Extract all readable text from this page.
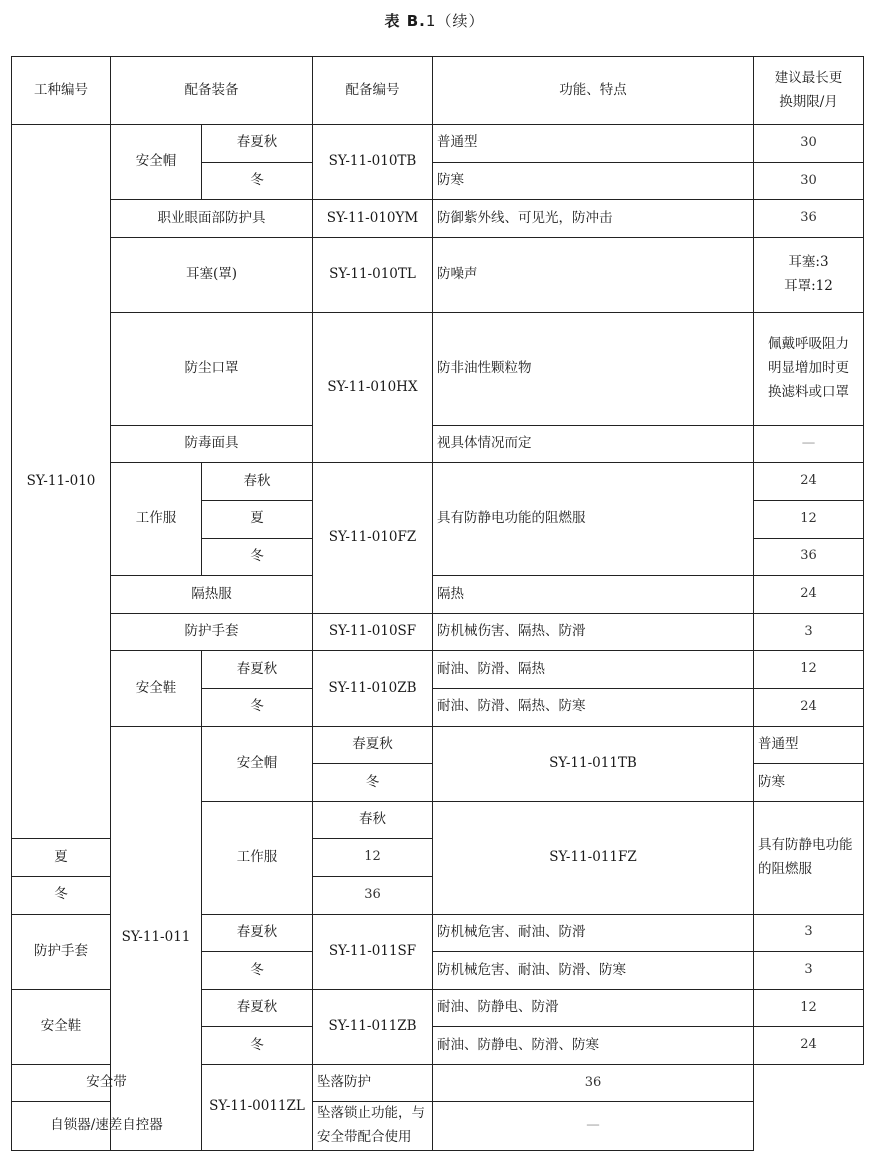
表 B.1（续）
工种编号	配备装备		配备编号	功能、特点	建议最长更
换期限/月	
SY-11-010	安全帽	春夏秋	SY-11-010TB	普通型	30	
		冬		防寒	30	
	职业眼面部防护具		SY-11-010YM	防御紫外线、可见光，防冲击	36	
	耳塞(罩)		SY-11-010TL	防噪声	耳塞:3
耳罩:12	
	防尘口罩		SY-11-010HX	防非油性颗粒物	佩戴呼吸阻力
明显增加时更
换滤料或口罩	
	防毒面具			视具体情况而定	—	
	工作服	春秋	SY-11-010FZ	具有防静电功能的阻燃服	24	
		夏			12	
		冬			36	
	隔热服			隔热	24	
	防护手套		SY-11-010SF	防机械伤害、隔热、防滑	3	
	安全鞋	春夏秋	SY-11-010ZB	耐油、防滑、隔热	12	
		冬		耐油、防滑、隔热、防寒	24	
	SY-11-011	安全帽	春夏秋	SY-11-011TB	普通型	
			冬		防寒	
		工作服	春秋	SY-11-011FZ	具有防静电功能的阻燃服	
夏			12			
冬			36			
防护手套		春夏秋	SY-11-011SF	防机械危害、耐油、防滑	3	
		冬		防机械危害、耐油、防滑、防寒	3	
安全鞋		春夏秋	SY-11-011ZB	耐油、防静电、防滑	12	
		冬		耐油、防静电、防滑、防寒	24	
安全带		SY-11-0011ZL	坠落防护	36		
自锁器/速差自控器			坠落锁止功能，与安全带配合使用	—		
